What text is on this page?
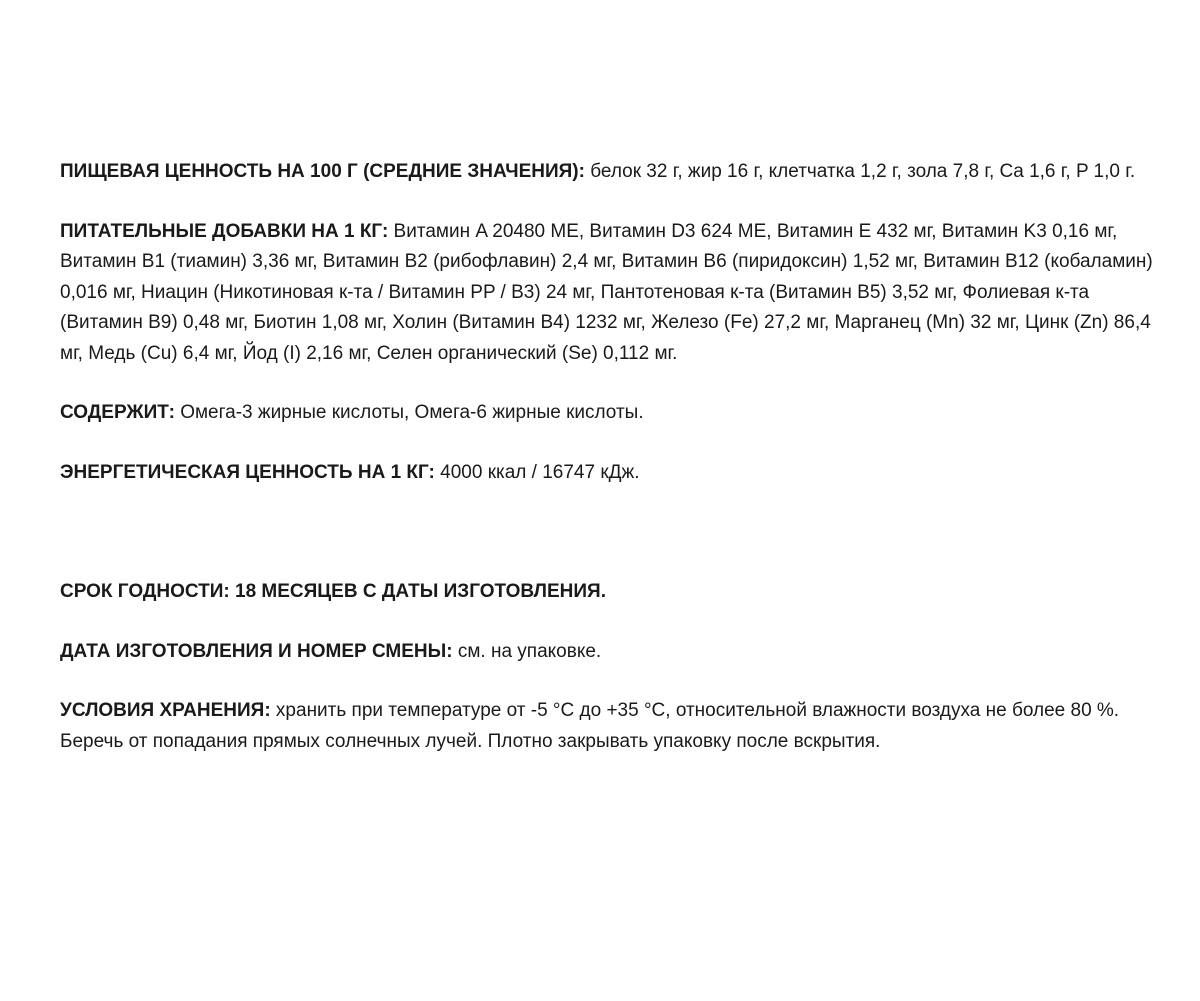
ПИЩЕВАЯ ЦЕННОСТЬ НА 100 Г (СРЕДНИЕ ЗНАЧЕНИЯ): белок 32 г, жир 16 г, клетчатка 1,2 г, зола 7,8 г, Ca 1,6 г, P 1,0 г.

ПИТАТЕЛЬНЫЕ ДОБАВКИ НА 1 КГ: Витамин A 20480 МЕ, Витамин D3 624 МЕ, Витамин E 432 мг, Витамин K3 0,16 мг, Витамин B1 (тиамин) 3,36 мг, Витамин B2 (рибофлавин) 2,4 мг, Витамин B6 (пиридоксин) 1,52 мг, Витамин B12 (кобаламин) 0,016 мг, Ниацин (Никотиновая к-та / Витамин PP / B3) 24 мг, Пантотеновая к-та (Витамин B5) 3,52 мг, Фолиевая к-та (Витамин B9) 0,48 мг, Биотин 1,08 мг, Холин (Витамин B4) 1232 мг, Железо (Fe) 27,2 мг, Марганец (Mn) 32 мг, Цинк (Zn) 86,4 мг, Медь (Cu) 6,4 мг, Йод (I) 2,16 мг, Селен органический (Se) 0,112 мг.

СОДЕРЖИТ: Омега-3 жирные кислоты, Омега-6 жирные кислоты.

ЭНЕРГЕТИЧЕСКАЯ ЦЕННОСТЬ НА 1 КГ: 4000 ккал / 16747 кДж.

СРОК ГОДНОСТИ: 18 МЕСЯЦЕВ С ДАТЫ ИЗГОТОВЛЕНИЯ.

ДАТА ИЗГОТОВЛЕНИЯ И НОМЕР СМЕНЫ: см. на упаковке.

УСЛОВИЯ ХРАНЕНИЯ: хранить при температуре от -5 °C до +35 °C, относительной влажности воздуха не более 80 %. Беречь от попадания прямых солнечных лучей. Плотно закрывать упаковку после вскрытия.
